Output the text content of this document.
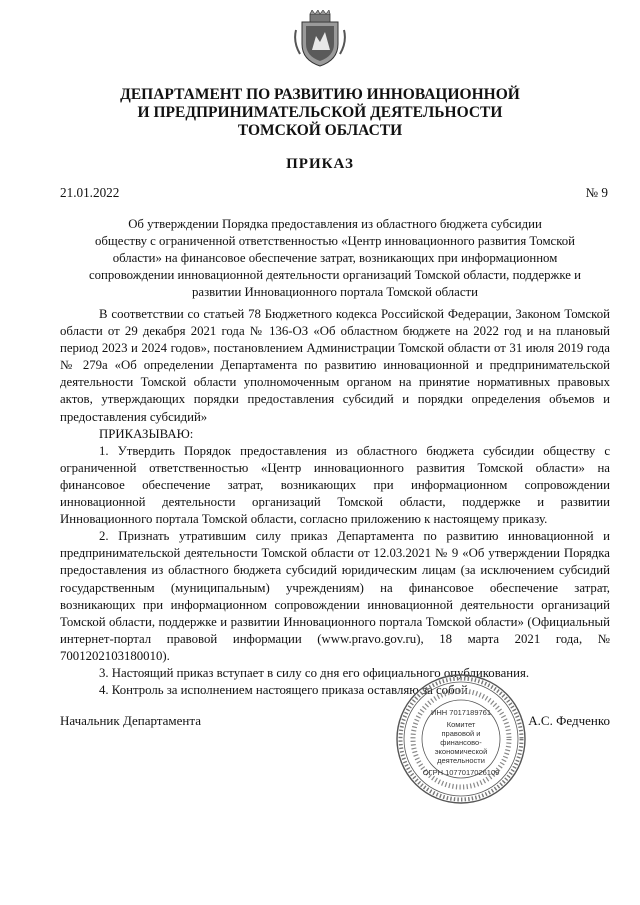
ДЕПАРТАМЕНТ ПО РАЗВИТИЮ ИННОВАЦИОННОЙ
И ПРЕДПРИНИМАТЕЛЬСКОЙ ДЕЯТЕЛЬНОСТИ
ТОМСКОЙ ОБЛАСТИ
ПРИКАЗ
21.01.2022	№ 9
Об утверждении Порядка предоставления из областного бюджета субсидии
обществу с ограниченной ответственностью «Центр инновационного развития Томской
области» на финансовое обеспечение затрат, возникающих при информационном
сопровождении инновационной деятельности организаций Томской области, поддержке и
развитии Инновационного портала Томской области

В соответствии со статьей 78 Бюджетного кодекса Российской Федерации, Законом Томской области от 29 декабря 2021 года № 136-ОЗ «Об областном бюджете на 2022 год и на плановый период 2023 и 2024 годов», постановлением Администрации Томской области от 31 июля 2019 года № 279а «Об определении Департамента по развитию инновационной и предпринимательской деятельности Томской области уполномоченным органом на принятие нормативных правовых актов, утверждающих порядки предоставления субсидий и порядки определения объемов и предоставления субсидий»

ПРИКАЗЫВАЮ:

1. Утвердить Порядок предоставления из областного бюджета субсидии обществу с ограниченной ответственностью «Центр инновационного развития Томской области» на финансовое обеспечение затрат, возникающих при информационном сопровождении инновационной деятельности организаций Томской области, поддержке и развитии Инновационного портала Томской области, согласно приложению к настоящему приказу.

2. Признать утратившим силу приказ Департамента по развитию инновационной и предпринимательской деятельности Томской области от 12.03.2021 № 9 «Об утверждении Порядка предоставления из областного бюджета субсидий юридическим лицам (за исключением субсидий государственным (муниципальным) учреждениям) на финансовое обеспечение затрат, возникающих при информационном сопровождении инновационной деятельности организаций Томской области, поддержке и развитии Инновационного портала Томской области» (Официальный интернет-портал правовой информации (www.pravo.gov.ru), 18 марта 2021 года, № 7001202103180010).

3. Настоящий приказ вступает в силу со дня его официального опубликования.

4. Контроль за исполнением настоящего приказа оставляю за собой.

Начальник Департамента	А.С. Федченко
ИНН 7017189761
Комитет
правовой и
финансово-
экономической
деятельности
ОГРН 1077017026109
